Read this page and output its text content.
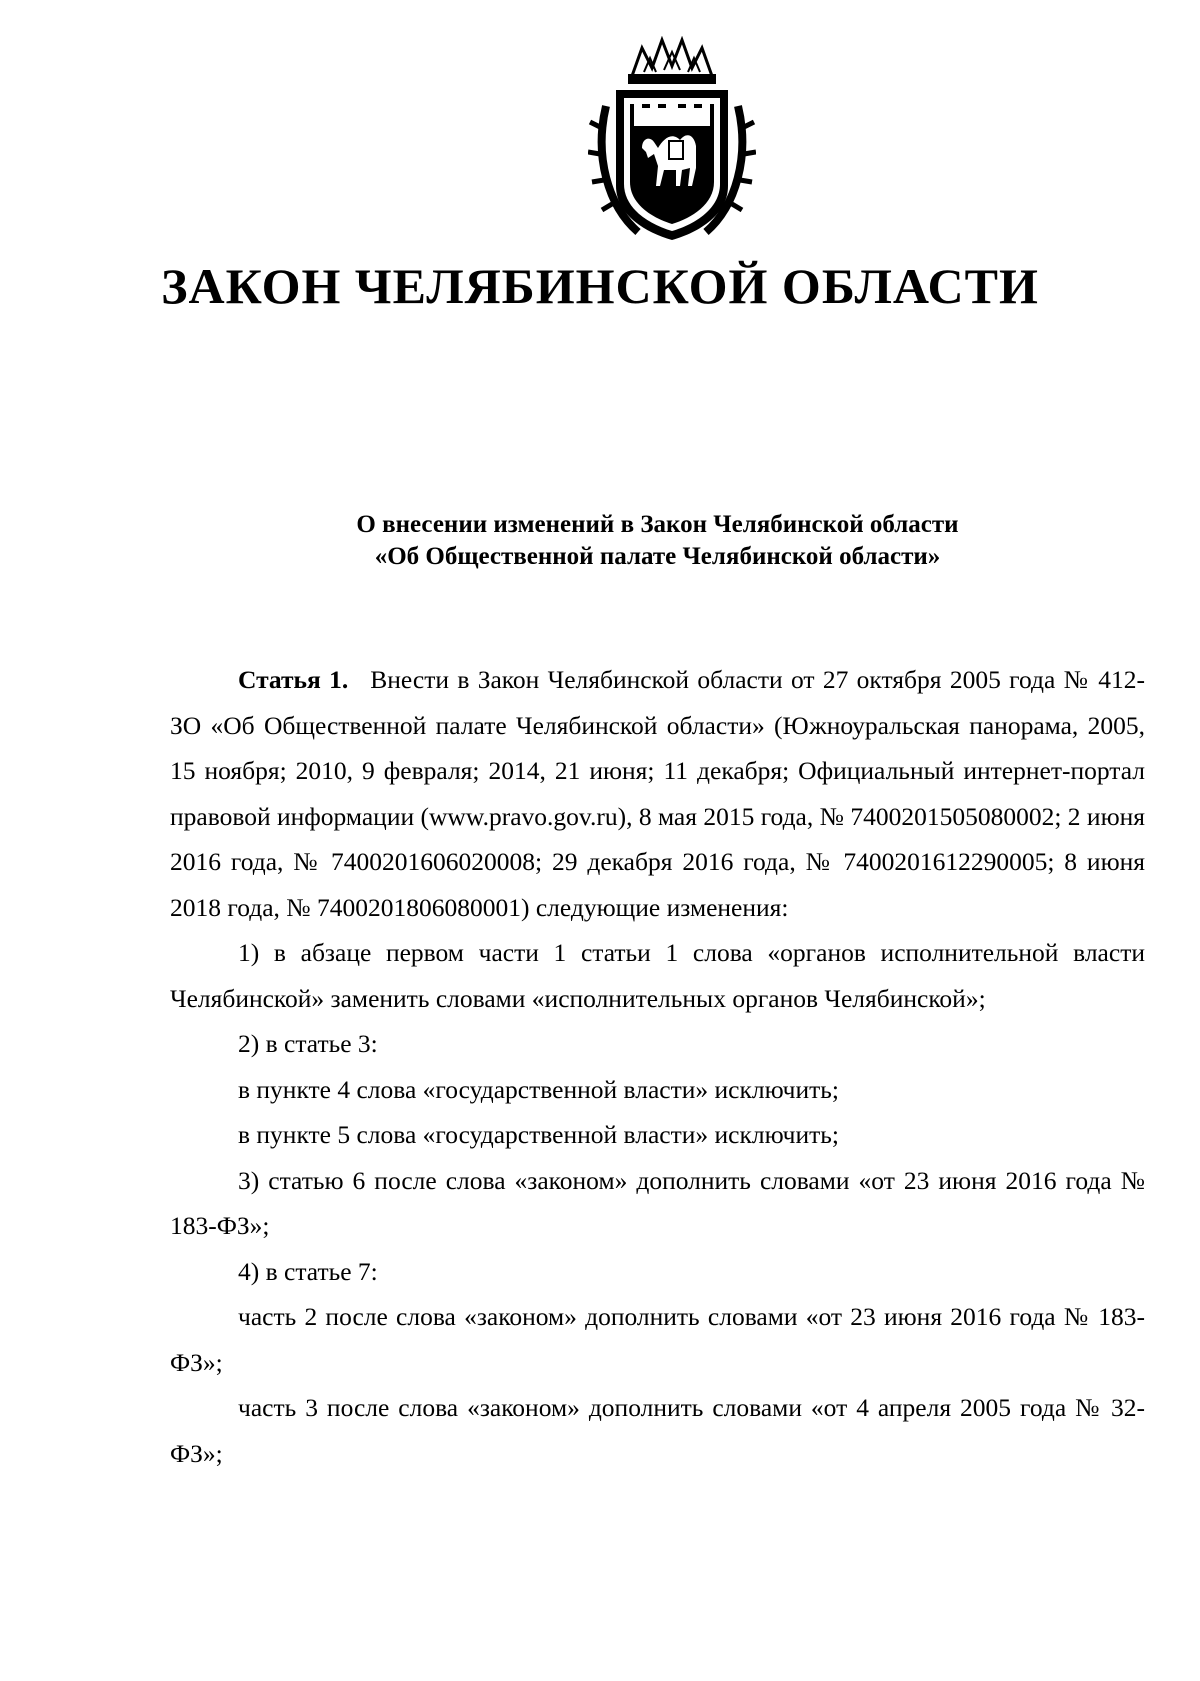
ЗАКОН ЧЕЛЯБИНСКОЙ ОБЛАСТИ
О внесении изменений в Закон Челябинской области
«Об Общественной палате Челябинской области»

Статья 1. Внести в Закон Челябинской области от 27 октября 2005 года № 412-ЗО «Об Общественной палате Челябинской области» (Южноуральская панорама, 2005, 15 ноября; 2010, 9 февраля; 2014, 21 июня; 11 декабря; Официальный интернет-портал правовой информации (www.pravo.gov.ru), 8 мая 2015 года, № 7400201505080002; 2 июня 2016 года, № 7400201606020008; 29 декабря 2016 года, № 7400201612290005; 8 июня 2018 года, № 7400201806080001) следующие изменения:

1) в абзаце первом части 1 статьи 1 слова «органов исполнительной власти Челябинской» заменить словами «исполнительных органов Челябинской»;

2) в статье 3:

в пункте 4 слова «государственной власти» исключить;

в пункте 5 слова «государственной власти» исключить;

3) статью 6 после слова «законом» дополнить словами «от 23 июня 2016 года № 183-ФЗ»;

4) в статье 7:

часть 2 после слова «законом» дополнить словами «от 23 июня 2016 года № 183-ФЗ»;

часть 3 после слова «законом» дополнить словами «от 4 апреля 2005 года № 32-ФЗ»;
